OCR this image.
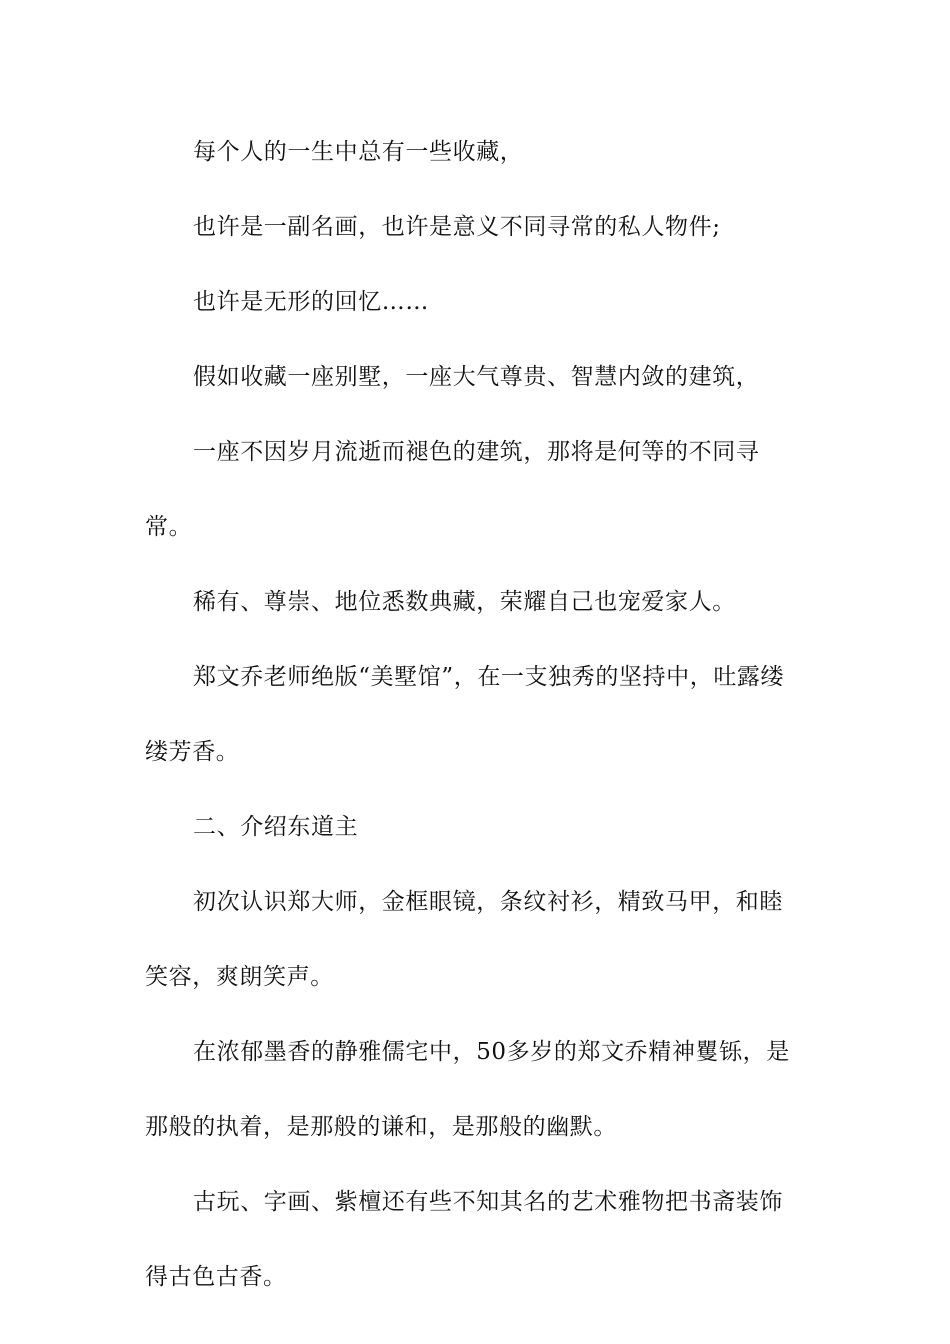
每个人的一生中总有一些收藏，

也许是一副名画，也许是意义不同寻常的私人物件;

也许是无形的回忆……

假如收藏一座别墅，一座大气尊贵、智慧内敛的建筑，

一座不因岁月流逝而褪色的建筑，那将是何等的不同寻常。

稀有、尊崇、地位悉数典藏，荣耀自己也宠爱家人。

郑文乔老师绝版“美墅馆”，在一支独秀的坚持中，吐露缕缕芳香。

二、介绍东道主

初次认识郑大师，金框眼镜，条纹衬衫，精致马甲，和睦笑容，爽朗笑声。

在浓郁墨香的静雅儒宅中，50多岁的郑文乔精神矍铄，是那般的执着，是那般的谦和，是那般的幽默。

古玩、字画、紫檀还有些不知其名的艺术雅物把书斋装饰得古色古香。
